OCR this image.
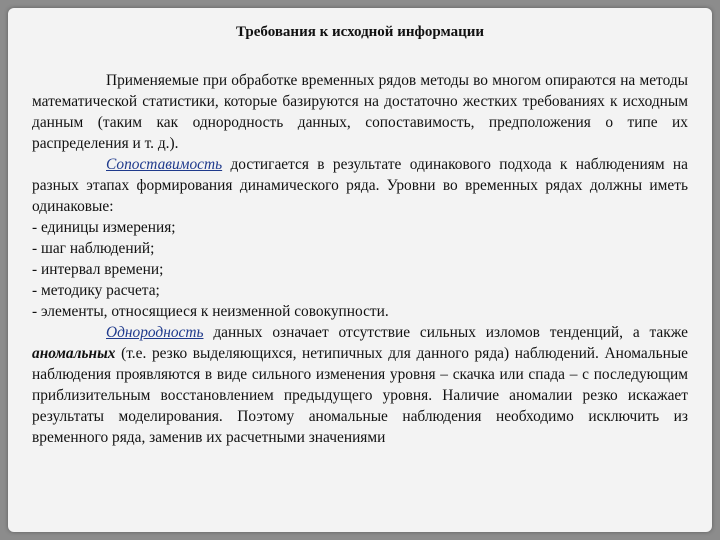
Требования к исходной информации

Применяемые при обработке временных рядов методы во многом опираются на методы математической статистики, которые базируются на достаточно жестких требованиях к исходным данным (таким как однородность данных, сопоставимость, предположения о типе их распределения и т. д.).

Сопоставимость достигается в результате одинакового подхода к наблюдениям на разных этапах формирования динамического ряда. Уровни во временных рядах должны иметь одинаковые:

- единицы измерения;

- шаг наблюдений;

- интервал времени;

- методику расчета;

- элементы, относящиеся к неизменной совокупности.

Однородность данных означает отсутствие сильных изломов тенденций, а также аномальных (т.е. резко выделяющихся, нетипичных для данного ряда) наблюдений. Аномальные наблюдения проявляются в виде сильного изменения уровня – скачка или спада – с последующим приблизительным восстановлением предыдущего уровня. Наличие аномалии резко искажает результаты моделирования. Поэтому аномальные наблюдения необходимо исключить из временного ряда, заменив их расчетными значениями
